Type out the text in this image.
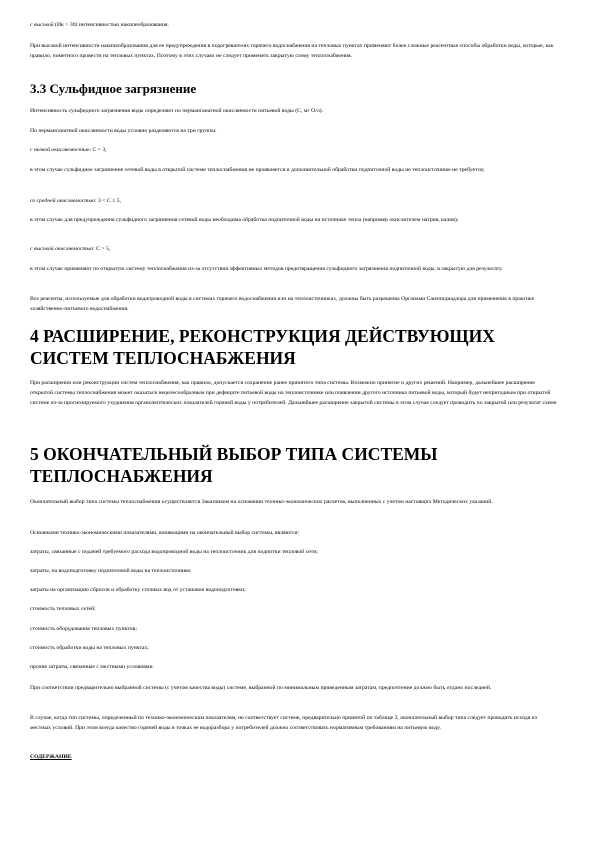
с высокой (Ик > 30) интенсивностью накипеобразования.
При высокой интенсивности накипеобразования для ее предупреждения в подогревателях горячего водоснабжения на тепловых пунктах применяют более сложные реагентные способы обработки воды, которые, как правило, пометного провести на тепловых пунктах. Поэтому в этих случаях не следует применять закрытую схему теплоснабжения.
3.3 Сульфидное загрязнение
Интенсивность сульфидного загрязнения воды определяют по перманганатной окисляемости питьевой воды (С, мг О/л).
По перманганатной окисляемости воды условно разделяются на три группы:
с низкой окисляемостью: С < 3,
в этом случае сульфидное загрязнение сетевой воды в открытой системе теплоснабжения не проявляется и дополнительной обработки подпиточной воды не теплоисточнике не требуется;
со средней окисляемостью: 3 < С ≤ 5,
в этом случае для предупреждения сульфидного загрязнения сетевой воды необходима обработка подпиточной воды на источнике тепла (например окислителем натрия, калия);
с высокой окисляемостью: С > 5,
в этом случае применяют по открытую систему теплоснабжения из-за отсутствия эффективных методов предотвращения сульфидного загрязнения подпиточной воды, в закрытую для результату.
Все реагенты, используемые для обработки водопроводной воды в системах горячего водоснабжения или на теплоисточниках, должны быть разрешены Органами Санэпиднадзора для применения в практике хозяйственно-питьевого водоснабжения.
4 РАСШИРЕНИЕ, РЕКОНСТРУКЦИЯ ДЕЙСТВУЮЩИХ СИСТЕМ ТЕПЛОСНАБЖЕНИЯ
При расширении или реконструкции систем теплоснабжения, как правило, допускается сохранение ранее принятого типа системы. Возможно принятие и других решений. Например, дальнейшее расширение открытой системы теплоснабжения может оказаться нецелесообразным при дефиците питьевой воды на теплоисточнике или появлении другого источника питьевой воды, который будет непригодным при открытой системе из-за прогнозируемого ухудшения органолептических показателей горячей воды у потребителей. Дальнейшее расширение закрытой системы в этом случае следует проводить по закрытой или результат схеме.
5 ОКОНЧАТЕЛЬНЫЙ ВЫБОР ТИПА СИСТЕМЫ ТЕПЛОСНАБЖЕНИЯ
Окончательный выбор типа системы теплоснабжения осуществляется Заказчиком на основании технико-экономических расчетов, выполненных с учетом настоящих Методических указаний.
Основными технико-экономическими показателями, влияющими на окончательный выбор системы, являются:
затраты, связанные с подачей требуемого расхода водопроводной воды на теплоисточник для подпитки тепловой сети;
затраты, на водоподготовку подпиточной воды на теплоисточнике;
затраты на организацию сбросов и обработку сточных вод от установок водоподготовки;
стоимость тепловых сетей;
стоимость оборудования тепловых пунктов;
стоимость обработки воды на тепловых пунктах;
прочие затраты, связанные с местными условиями.
При соответствии предварительно выбранной системы (с учетом качества воды) системе, выбранной по минимальным приведенным затратам, предпочтение должно быть отдано последней.
В случае, когда тип системы, определенный по технико-экономическим показателям, не соответствует системе, предварительно принятой по таблице 3, окончательный выбор типа следует проводить исходя из местных условий. При этом всегда качество горячей воды в точках ее водоразбора у потребителей должно соответствовать нормативным требованиям на питьевую воду.
СОДЕРЖАНИЕ
